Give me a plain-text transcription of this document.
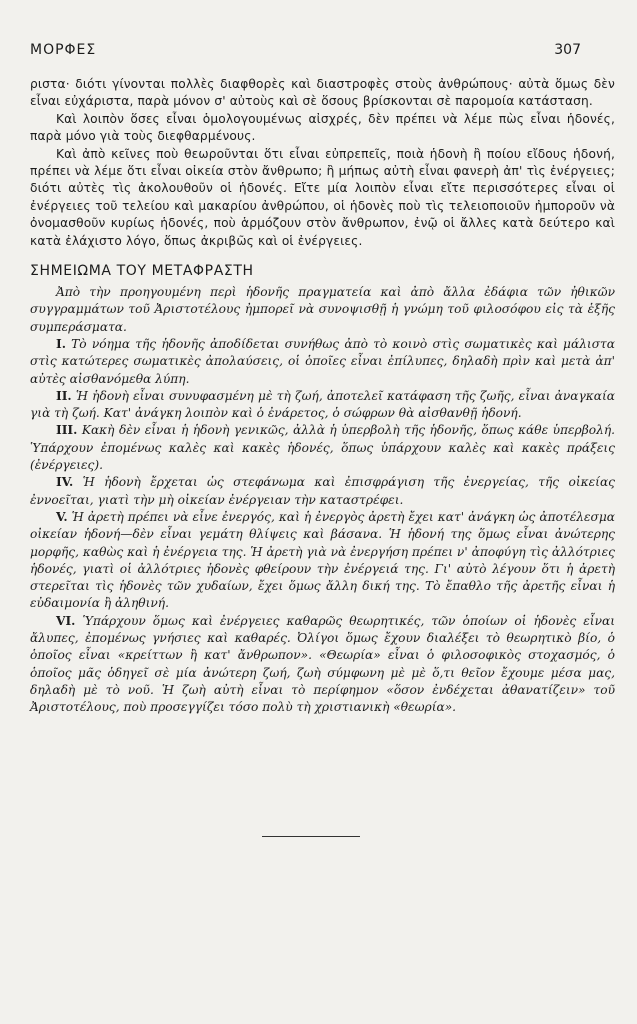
ΜΟΡΦΕΣ	307

ριστα· διότι γίνονται πολλὲς διαφθορὲς καὶ διαστροφὲς στοὺς ἀνθρώπους· αὐτὰ ὅμως δὲν εἶναι εὐχάριστα, παρὰ μόνον σ' αὐτοὺς καὶ σὲ ὅσους βρίσκονται σὲ παρομοία κατάσταση.

Καὶ λοιπὸν ὅσες εἶναι ὁμολογουμένως αἰσχρές, δὲν πρέπει νὰ λέμε πὼς εἶναι ἡδονές, παρὰ μόνο γιὰ τοὺς διεφθαρμένους.

Καὶ ἀπὸ κεῖνες ποὺ θεωροῦνται ὅτι εἶναι εὐπρεπεῖς, ποιὰ ἡδονὴ ἢ ποίου εἴδους ἡδονή, πρέπει νὰ λέμε ὅτι εἶναι οἰκεία στὸν ἄνθρωπο; ἢ μήπως αὐτὴ εἶναι φανερὴ ἀπ' τὶς ἐνέργειες; διότι αὐτὲς τὶς ἀκολουθοῦν οἱ ἡδονές. Εἴτε μία λοιπὸν εἶναι εἴτε περισσότερες εἶναι οἱ ἐνέργειες τοῦ τελείου καὶ μακαρίου ἀνθρώπου, οἱ ἡδονὲς ποὺ τὶς τελειοποιοῦν ἠμποροῦν νὰ ὀνομασθοῦν κυρίως ἡδονές, ποὺ ἁρμόζουν στὸν ἄνθρωπον, ἐνῷ οἱ ἄλλες κατὰ δεύτερο καὶ κατὰ ἐλάχιστο λόγο, ὅπως ἀκριβῶς καὶ οἱ ἐνέργειες.

ΣΗΜΕΙΩΜΑ ΤΟΥ ΜΕΤΑΦΡΑΣΤΗ

Ἀπὸ τὴν προηγουμένη περὶ ἡδονῆς πραγματεία καὶ ἀπὸ ἄλλα ἐδάφια τῶν ἠθικῶν συγγραμμάτων τοῦ Ἀριστοτέλους ἠμπορεῖ νὰ συνοψισθῇ ἡ γνώμη τοῦ φιλοσόφου εἰς τὰ ἑξῆς συμπεράσματα.

Ι. Τὸ νόημα τῆς ἡδονῆς ἀποδίδεται συνήθως ἀπὸ τὸ κοινὸ στὶς σωματικὲς καὶ μάλιστα στὶς κατώτερες σωματικὲς ἀπολαύσεις, οἱ ὁποῖες εἶναι ἐπίλυπες, δηλαδὴ πρὶν καὶ μετὰ ἀπ' αὐτὲς αἰσθανόμεθα λύπη.

ΙΙ. Ἡ ἡδονὴ εἶναι συνυφασμένη μὲ τὴ ζωή, ἀποτελεῖ κατάφαση τῆς ζωῆς, εἶναι ἀναγκαία γιὰ τὴ ζωή. Κατ' ἀνάγκη λοιπὸν καὶ ὁ ἐνάρετος, ὁ σώφρων θὰ αἰσθανθῇ ἡδονή.

ΙΙΙ. Κακὴ δὲν εἶναι ἡ ἡδονὴ γενικῶς, ἀλλὰ ἡ ὑπερβολὴ τῆς ἡδονῆς, ὅπως κάθε ὑπερβολή. Ὑπάρχουν ἐπομένως καλὲς καὶ κακὲς ἡδονές, ὅπως ὑπάρχουν καλὲς καὶ κακὲς πράξεις (ἐνέργειες).

ΙV. Ἡ ἡδονὴ ἔρχεται ὡς στεφάνωμα καὶ ἐπισφράγιση τῆς ἐνεργείας, τῆς οἰκείας ἐννοεῖται, γιατὶ τὴν μὴ οἰκείαν ἐνέργειαν τὴν καταστρέφει.

V. Ἡ ἀρετὴ πρέπει νὰ εἶνε ἐνεργός, καὶ ἡ ἐνεργὸς ἀρετὴ ἔχει κατ' ἀνάγκη ὡς ἀποτέλεσμα οἰκείαν ἡδονή—δὲν εἶναι γεμάτη θλίψεις καὶ βάσανα. Ἡ ἡδονή της ὅμως εἶναι ἀνώτερης μορφῆς, καθὼς καὶ ἡ ἐνέργεια της. Ἡ ἀρετὴ γιὰ νὰ ἐνεργήση πρέπει ν' ἀποφύγη τὶς ἀλλότριες ἡδονές, γιατὶ οἱ ἀλλότριες ἡδονὲς φθείρουν τὴν ἐνέργειά της. Γι' αὐτὸ λέγουν ὅτι ἡ ἀρετὴ στερεῖται τὶς ἡδονὲς τῶν χυδαίων, ἔχει ὅμως ἄλλη δική της. Τὸ ἔπαθλο τῆς ἀρετῆς εἶναι ἡ εὐδαιμονία ἢ ἀληθινή.

VΙ. Ὑπάρχουν ὅμως καὶ ἐνέργειες καθαρῶς θεωρητικές, τῶν ὁποίων οἱ ἡδονὲς εἶναι ἄλυπες, ἐπομένως γνήσιες καὶ καθαρές. Ὀλίγοι ὅμως ἔχουν διαλέξει τὸ θεωρητικὸ βίο, ὁ ὁποῖος εἶναι «κρείττων ἢ κατ' ἄνθρωπον». «Θεωρία» εἶναι ὁ φιλοσοφικὸς στοχασμός, ὁ ὁποῖος μᾶς ὁδηγεῖ σὲ μία ἀνώτερη ζωή, ζωὴ σύμφωνη μὲ μὲ ὅ,τι θεῖον ἔχουμε μέσα μας, δηλαδὴ μὲ τὸ νοῦ. Ἡ ζωὴ αὐτὴ εἶναι τὸ περίφημον «ὅσον ἐνδέχεται ἀθανατίζειν» τοῦ Ἀριστοτέλους, ποὺ προσεγγίζει τόσο πολὺ τὴ χριστιανικὴ «θεωρία».
